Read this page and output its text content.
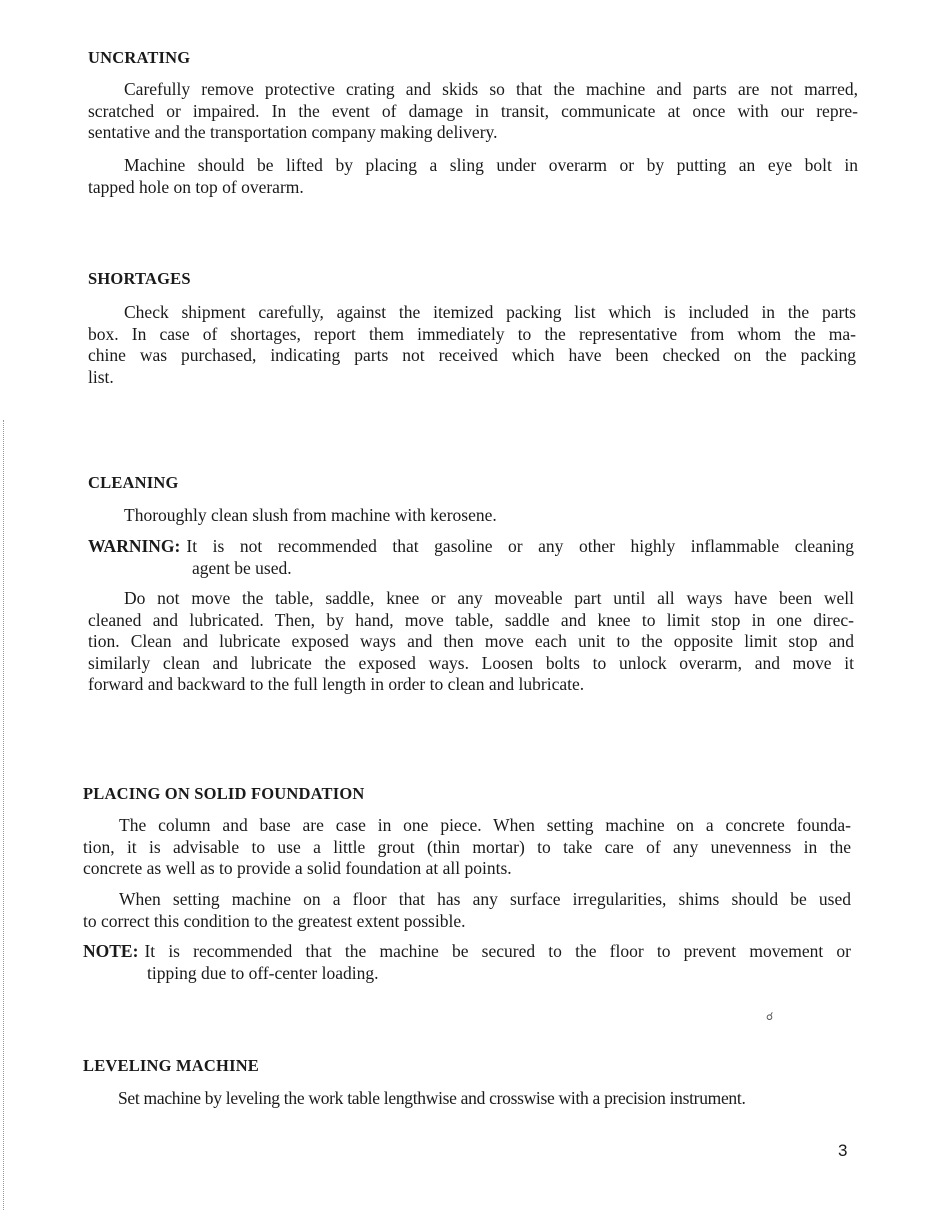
UNCRATING
Carefully remove protective crating and skids so that the machine and parts are not marred,
scratched or impaired. In the event of damage in transit, communicate at once with our repre-
sentative and the transportation company making delivery.
Machine should be lifted by placing a sling under overarm or by putting an eye bolt in
tapped hole on top of overarm.
SHORTAGES
Check shipment carefully, against the itemized packing list which is included in the parts
box. In case of shortages, report them immediately to the representative from whom the ma-
chine was purchased, indicating parts not received which have been checked on the packing
list.
CLEANING
Thoroughly clean slush from machine with kerosene.
WARNING: It is not recommended that gasoline or any other highly inflammable cleaning
agent be used.
Do not move the table, saddle, knee or any moveable part until all ways have been well
cleaned and lubricated. Then, by hand, move table, saddle and knee to limit stop in one direc-
tion. Clean and lubricate exposed ways and then move each unit to the opposite limit stop and
similarly clean and lubricate the exposed ways. Loosen bolts to unlock overarm, and move it
forward and backward to the full length in order to clean and lubricate.
PLACING ON SOLID FOUNDATION
The column and base are case in one piece. When setting machine on a concrete founda-
tion, it is advisable to use a little grout (thin mortar) to take care of any unevenness in the
concrete as well as to provide a solid foundation at all points.
When setting machine on a floor that has any surface irregularities, shims should be used
to correct this condition to the greatest extent possible.
NOTE: It is recommended that the machine be secured to the floor to prevent movement or
tipping due to off-center loading.
☌
LEVELING MACHINE
Set machine by leveling the work table lengthwise and crosswise with a precision instrument.
3
